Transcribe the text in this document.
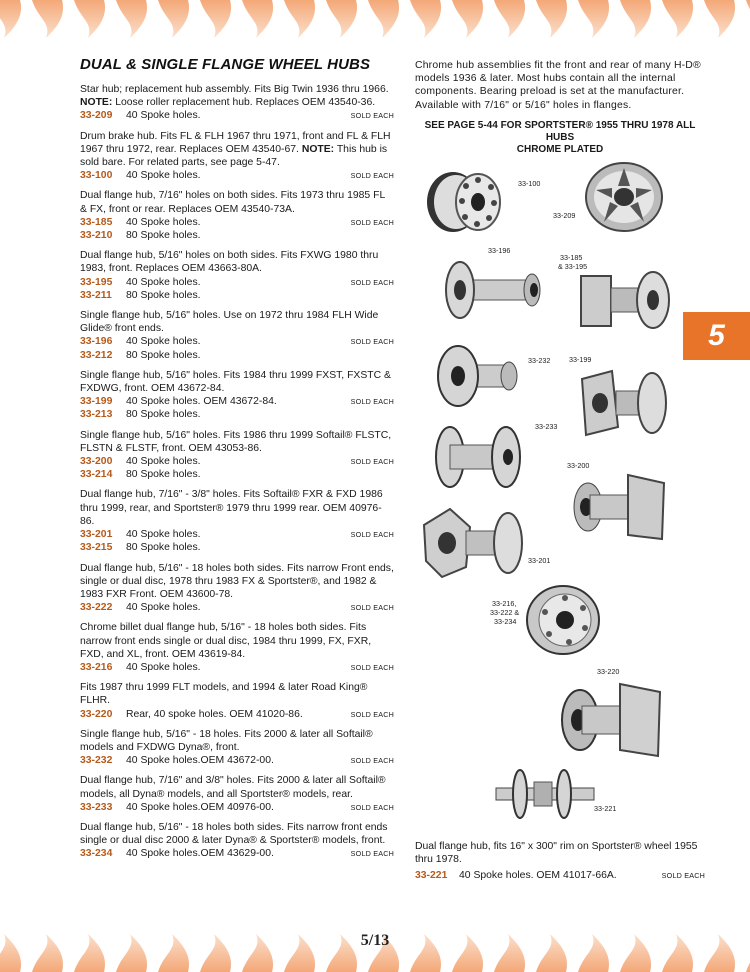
5
DUAL & SINGLE FLANGE WHEEL HUBS
Star hub; replacement hub assembly. Fits Big Twin 1936 thru 1966. NOTE: Loose roller replacement hub. Replaces OEM 43540-36.
33-209	40 Spoke holes.	SOLD EACH
Drum brake hub. Fits FL & FLH 1967 thru 1971, front and FL & FLH 1967 thru 1972, rear. Replaces OEM 43540-67. NOTE: This hub is sold bare. For related parts, see page 5-47.
33-100	40 Spoke holes.	SOLD EACH
Dual flange hub, 7/16" holes on both sides. Fits 1973 thru 1985 FL & FX, front or rear. Replaces OEM 43540-73A.
33-185	40 Spoke holes.	SOLD EACH
33-210	80 Spoke holes.
Dual flange hub, 5/16" holes on both sides. Fits FXWG 1980 thru 1983, front. Replaces OEM 43663-80A.
33-195	40 Spoke holes.	SOLD EACH
33-211	80 Spoke holes.
Single flange hub, 5/16" holes. Use on 1972 thru 1984 FLH Wide Glide® front ends.
33-196	40 Spoke holes.	SOLD EACH
33-212	80 Spoke holes.
Single flange hub, 5/16" holes. Fits 1984 thru 1999 FXST, FXSTC & FXDWG, front. OEM 43672-84.
33-199	40 Spoke holes. OEM 43672-84.	SOLD EACH
33-213	80 Spoke holes.
Single flange hub, 5/16" holes. Fits 1986 thru 1999 Softail® FLSTC, FLSTN & FLSTF, front. OEM 43053-86.
33-200	40 Spoke holes.	SOLD EACH
33-214	80 Spoke holes.
Dual flange hub, 7/16" - 3/8" holes. Fits Softail® FXR & FXD 1986 thru 1999, rear, and Sportster® 1979 thru 1999 rear. OEM 40976-86.
33-201	40 Spoke holes.	SOLD EACH
33-215	80 Spoke holes.
Dual flange hub, 5/16" - 18 holes both sides. Fits narrow Front ends, single or dual disc, 1978 thru 1983 FX & Sportster®, and 1982 & 1983 FXR Front. OEM 43600-78.
33-222	40 Spoke holes.	SOLD EACH
Chrome billet dual flange hub, 5/16" - 18 holes both sides. Fits narrow front ends single or dual disc, 1984 thru 1999, FX, FXR, FXD, and XL, front. OEM 43619-84.
33-216	40 Spoke holes.	SOLD EACH
Fits 1987 thru 1999 FLT models, and 1994 & later Road King® FLHR.
33-220	Rear, 40 spoke holes. OEM 41020-86.	SOLD EACH
Single flange hub, 5/16" - 18 holes. Fits 2000 & later all Softail® models and FXDWG Dyna®, front.
33-232	40 Spoke holes.OEM 43672-00.	SOLD EACH
Dual flange hub, 7/16" and 3/8" holes. Fits 2000 & later all Softail® models, all Dyna® models, and all Sportster® models, rear.
33-233	40 Spoke holes.OEM 40976-00.	SOLD EACH
Dual flange hub, 5/16" - 18 holes both sides. Fits narrow front ends single or dual disc 2000 & later Dyna® & Sportster® models, front.
33-234	40 Spoke holes.OEM 43629-00.	SOLD EACH

Chrome hub assemblies fit the front and rear of many H-D® models 1936 & later. Most hubs contain all the internal components. Bearing preload is set at the manufacturer. Available with 7/16" or 5/16" holes in flanges.

SEE PAGE 5-44 FOR SPORTSTER® 1955 THRU 1978 ALL HUBS
CHROME PLATED
33-100
33-209
33-196
33-185
& 33-195
33-232	33-199
33-233
33-200
33-201
33-216,
33-222 &
33-234
33-220
33-221
Dual flange hub, fits 16" x 300" rim on Sportster® wheel 1955 thru 1978.
33-221	40 Spoke holes. OEM 41017-66A.	SOLD EACH
5/13
